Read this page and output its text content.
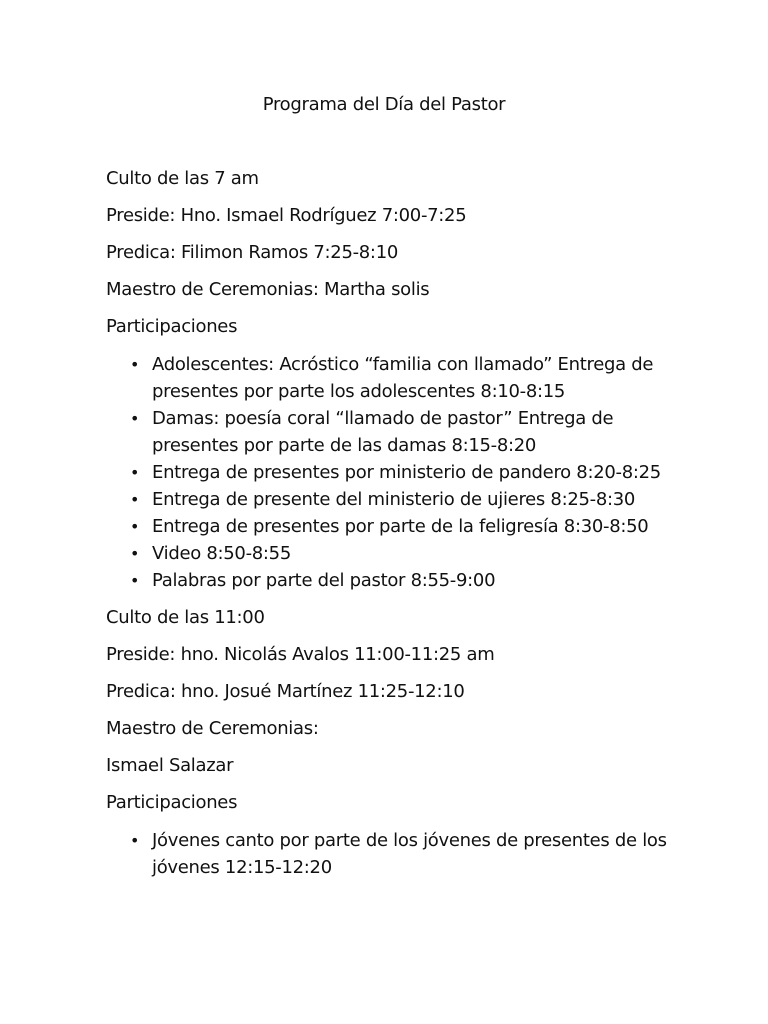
Programa del Día del Pastor

Culto de las 7 am

Preside: Hno. Ismael Rodríguez 7:00-7:25

Predica: Filimon Ramos 7:25-8:10

Maestro de Ceremonias: Martha solis

Participaciones

• Adolescentes: Acróstico “familia con llamado” Entrega de presentes por parte los adolescentes 8:10-8:15
• Damas: poesía coral “llamado de pastor” Entrega de presentes por parte de las damas 8:15-8:20
• Entrega de presentes por ministerio de pandero 8:20-8:25
• Entrega de presente del ministerio de ujieres 8:25-8:30
• Entrega de presentes por parte de la feligresía 8:30-8:50
• Video 8:50-8:55
• Palabras por parte del pastor 8:55-9:00

Culto de las 11:00

Preside: hno. Nicolás Avalos 11:00-11:25 am

Predica: hno. Josué Martínez 11:25-12:10

Maestro de Ceremonias:

Ismael Salazar

Participaciones

• Jóvenes canto por parte de los jóvenes de presentes de los jóvenes 12:15-12:20
